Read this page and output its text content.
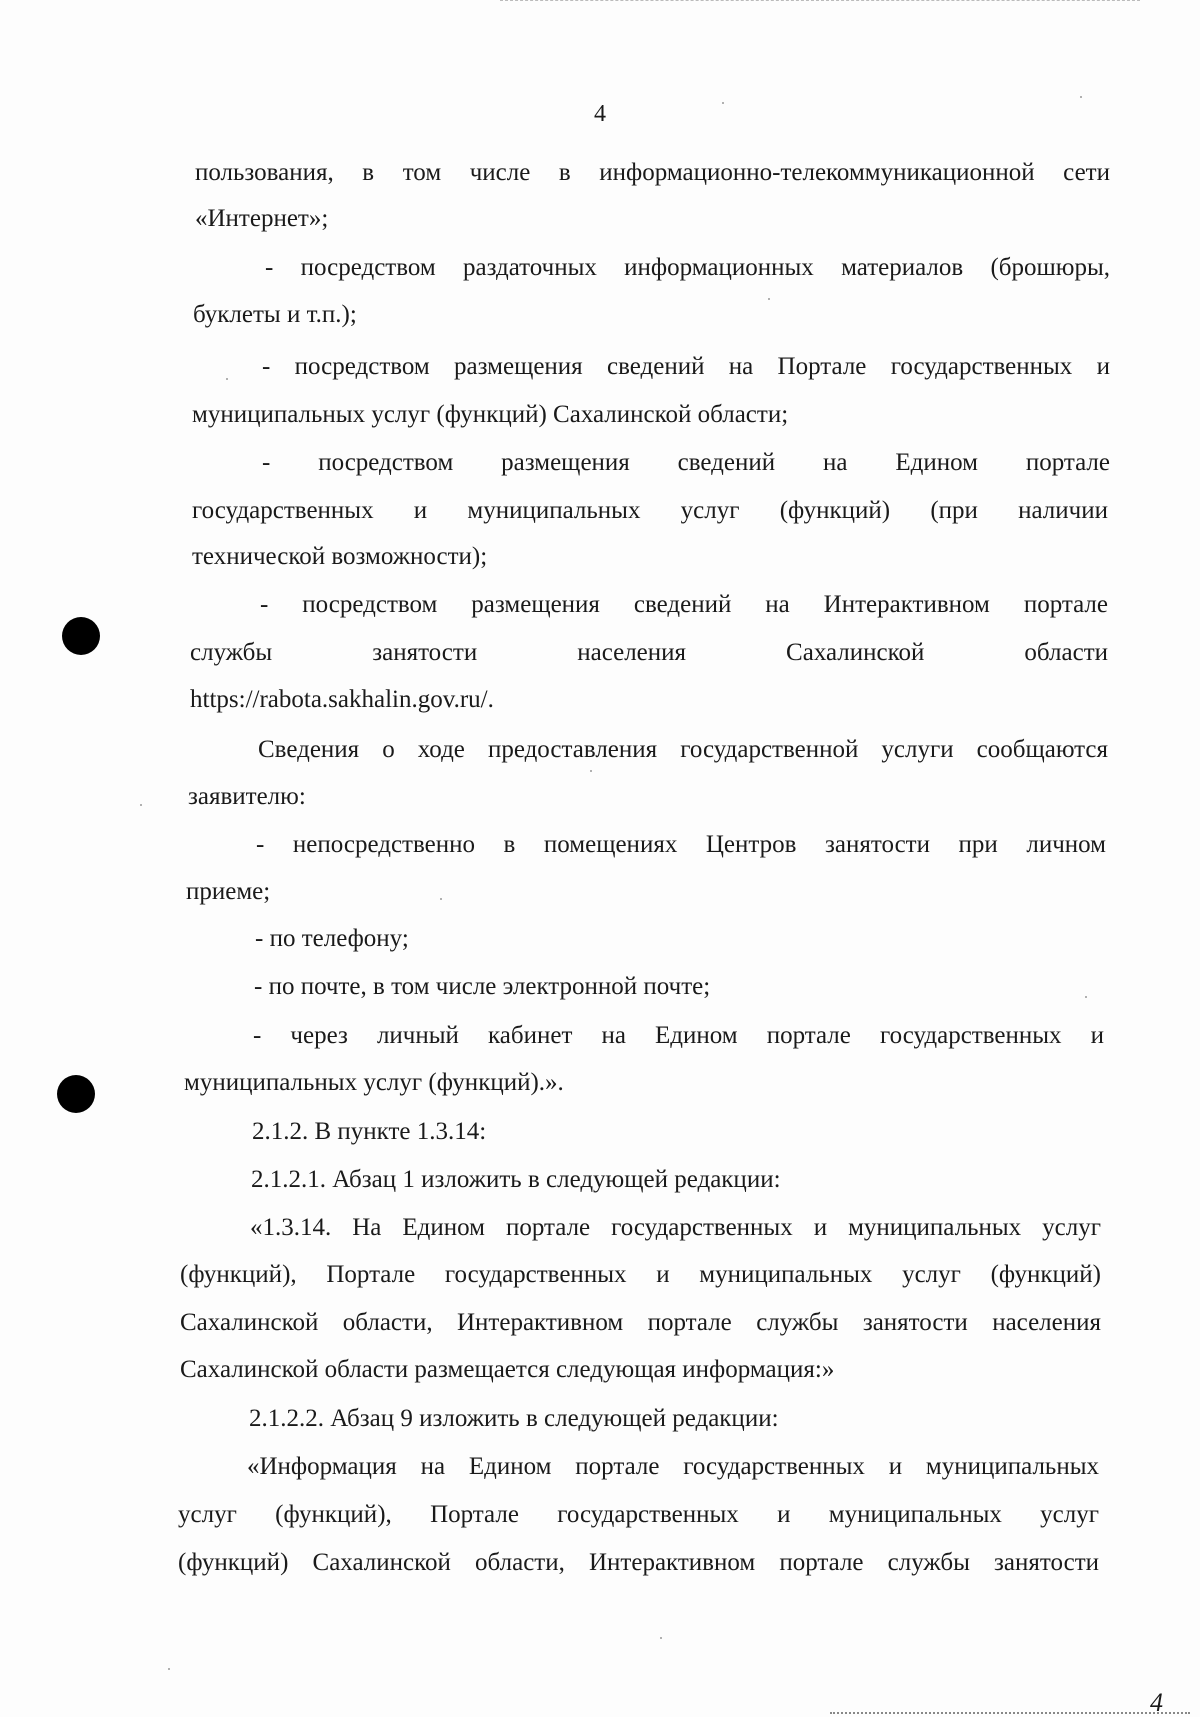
4
пользования, в том числе в информационно-телекоммуникационной сети
«Интернет»;
- посредством раздаточных информационных материалов (брошюры,
буклеты и т.п.);
- посредством размещения сведений на Портале государственных и
муниципальных услуг (функций) Сахалинской области;
- посредством размещения сведений на Едином портале
государственных и муниципальных услуг (функций) (при наличии
технической возможности);
- посредством размещения сведений на Интерактивном портале
службы занятости населения Сахалинской области
https://rabota.sakhalin.gov.ru/.
Сведения о ходе предоставления государственной услуги сообщаются
заявителю:
- непосредственно в помещениях Центров занятости при личном
приеме;
- по телефону;
- по почте, в том числе электронной почте;
- через личный кабинет на Едином портале государственных и
муниципальных услуг (функций).».
2.1.2. В пункте 1.3.14:
2.1.2.1. Абзац 1 изложить в следующей редакции:
«1.3.14. На Едином портале государственных и муниципальных услуг
(функций), Портале государственных и муниципальных услуг (функций)
Сахалинской области, Интерактивном портале службы занятости населения
Сахалинской области размещается следующая информация:»
2.1.2.2. Абзац 9 изложить в следующей редакции:
«Информация на Едином портале государственных и муниципальных
услуг (функций), Портале государственных и муниципальных услуг
(функций) Сахалинской области, Интерактивном портале службы занятости
4
